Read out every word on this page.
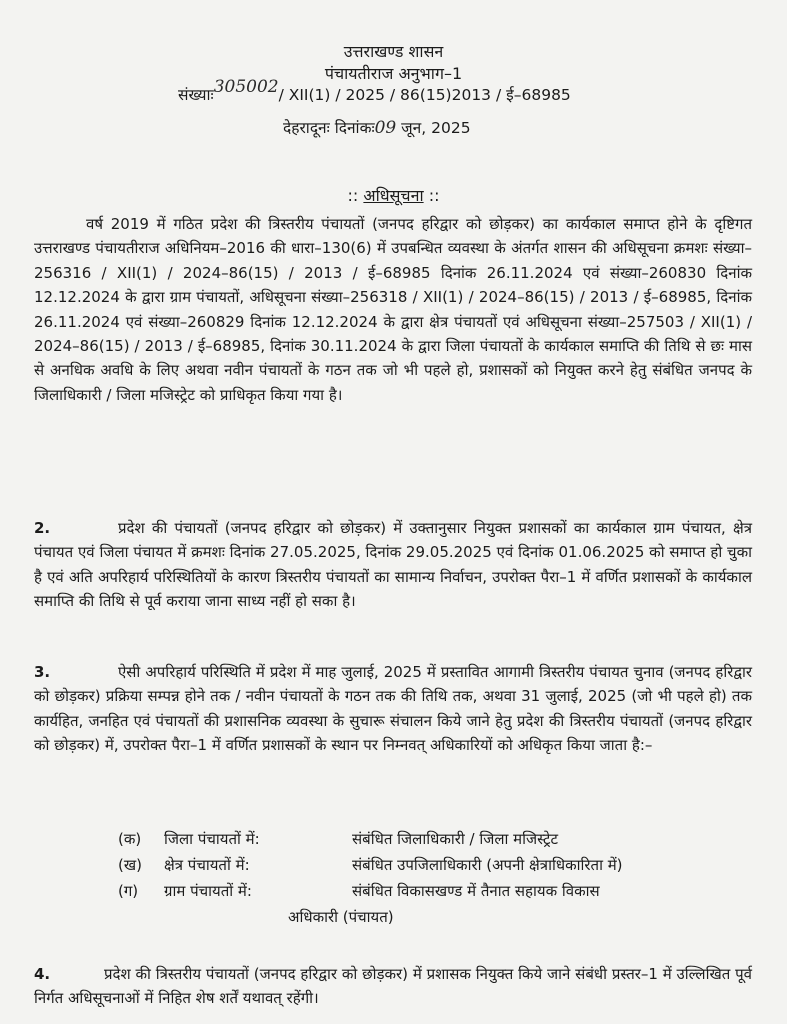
उत्तराखण्ड शासन
पंचायतीराज अनुभाग–1
संख्याः305002/ XII(1) / 2025 / 86(15)2013 / ई–68985
देहरादूनः दिनांकः09 जून, 2025
:: अधिसूचना ::
वर्ष 2019 में गठित प्रदेश की त्रिस्तरीय पंचायतों (जनपद हरिद्वार को छोड़कर) का कार्यकाल समाप्त होने के दृष्टिगत उत्तराखण्ड पंचायतीराज अधिनियम–2016 की धारा–130(6) में उपबन्धित व्यवस्था के अंतर्गत शासन की अधिसूचना क्रमशः संख्या–256316 / XII(1) / 2024–86(15) / 2013 / ई–68985 दिनांक 26.11.2024 एवं संख्या–260830 दिनांक 12.12.2024 के द्वारा ग्राम पंचायतों, अधिसूचना संख्या–256318 / XII(1) / 2024–86(15) / 2013 / ई–68985, दिनांक 26.11.2024 एवं संख्या–260829 दिनांक 12.12.2024 के द्वारा क्षेत्र पंचायतों एवं अधिसूचना संख्या–257503 / XII(1) / 2024–86(15) / 2013 / ई–68985, दिनांक 30.11.2024 के द्वारा जिला पंचायतों के कार्यकाल समाप्ति की तिथि से छः मास से अनधिक अवधि के लिए अथवा नवीन पंचायतों के गठन तक जो भी पहले हो, प्रशासकों को नियुक्त करने हेतु संबंधित जनपद के जिलाधिकारी / जिला मजिस्ट्रेट को प्राधिकृत किया गया है।
2.	प्रदेश की पंचायतों (जनपद हरिद्वार को छोड़कर) में उक्तानुसार नियुक्त प्रशासकों का कार्यकाल ग्राम पंचायत, क्षेत्र पंचायत एवं जिला पंचायत में क्रमशः दिनांक 27.05.2025, दिनांक 29.05.2025 एवं दिनांक 01.06.2025 को समाप्त हो चुका है एवं अति अपरिहार्य परिस्थितियों के कारण त्रिस्तरीय पंचायतों का सामान्य निर्वाचन, उपरोक्त पैरा–1 में वर्णित प्रशासकों के कार्यकाल समाप्ति की तिथि से पूर्व कराया जाना साध्य नहीं हो सका है।
3.	ऐसी अपरिहार्य परिस्थिति में प्रदेश में माह जुलाई, 2025 में प्रस्तावित आगामी त्रिस्तरीय पंचायत चुनाव (जनपद हरिद्वार को छोड़कर) प्रक्रिया सम्पन्न होने तक / नवीन पंचायतों के गठन तक की तिथि तक, अथवा 31 जुलाई, 2025 (जो भी पहले हो) तक कार्यहित, जनहित एवं पंचायतों की प्रशासनिक व्यवस्था के सुचारू संचालन किये जाने हेतु प्रदेश की त्रिस्तरीय पंचायतों (जनपद हरिद्वार को छोड़कर) में, उपरोक्त पैरा–1 में वर्णित प्रशासकों के स्थान पर निम्नवत् अधिकारियों को अधिकृत किया जाता है:–
(क)	जिला पंचायतों में:	संबंधित जिलाधिकारी / जिला मजिस्ट्रेट
(ख)	क्षेत्र पंचायतों में:	संबंधित उपजिलाधिकारी (अपनी क्षेत्राधिकारिता में)
(ग)	ग्राम पंचायतों में:	संबंधित विकासखण्ड में तैनात सहायक विकास
अधिकारी (पंचायत)
4.	प्रदेश की त्रिस्तरीय पंचायतों (जनपद हरिद्वार को छोड़कर) में प्रशासक नियुक्त किये जाने संबंधी प्रस्तर–1 में उल्लिखित पूर्व निर्गत अधिसूचनाओं में निहित शेष शर्तें यथावत् रहेंगी।
